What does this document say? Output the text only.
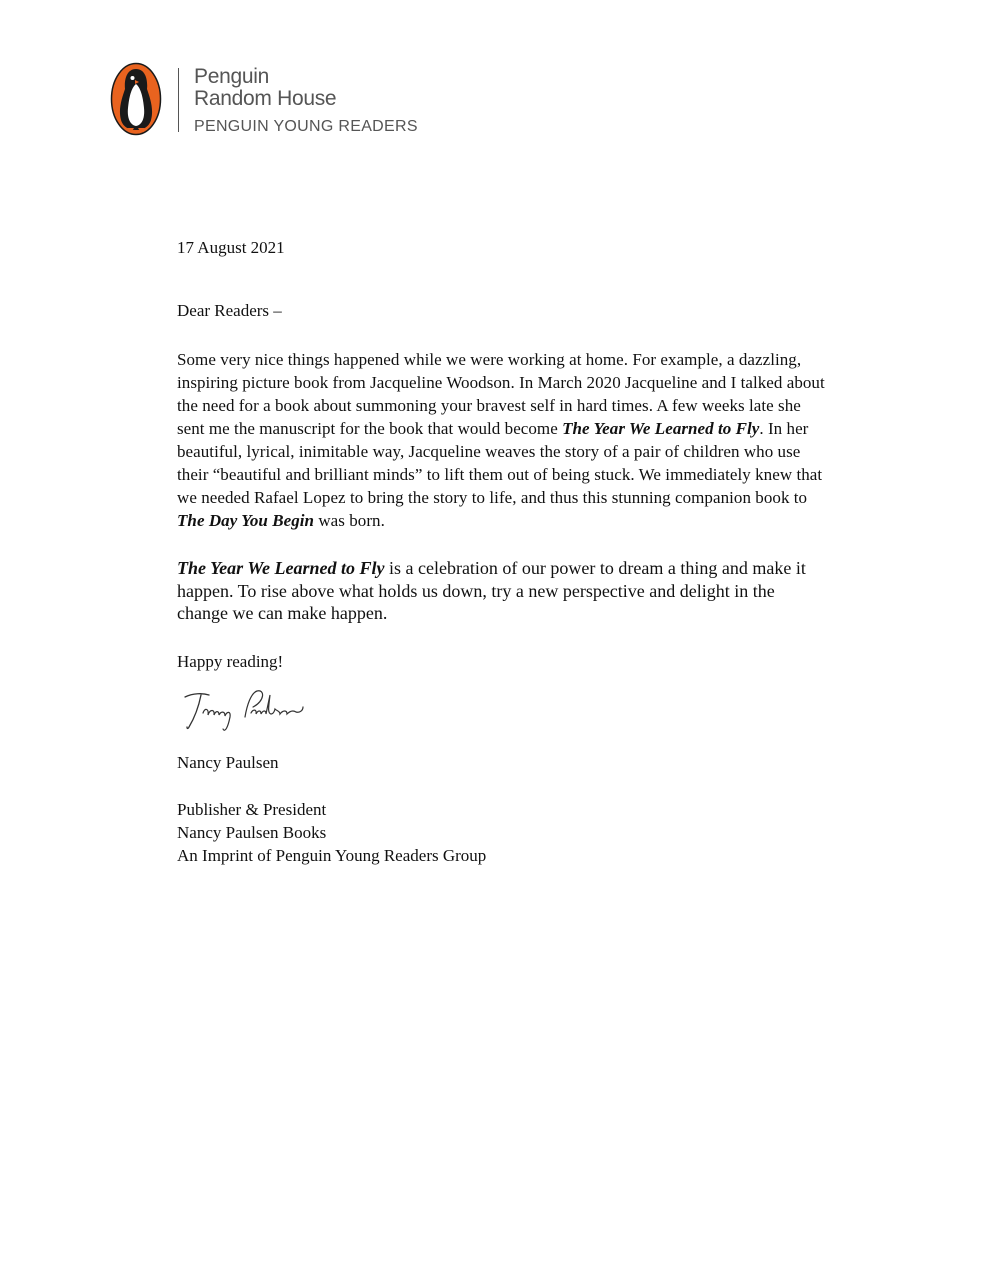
Penguin
Random House
PENGUIN YOUNG READERS

17 August 2021

Dear Readers –

Some very nice things happened while we were working at home. For example, a dazzling, inspiring picture book from Jacqueline Woodson. In March 2020 Jacqueline and I talked about the need for a book about summoning your bravest self in hard times. A few weeks late she sent me the manuscript for the book that would become The Year We Learned to Fly. In her beautiful, lyrical, inimitable way, Jacqueline weaves the story of a pair of children who use their “beautiful and brilliant minds” to lift them out of being stuck. We immediately knew that we needed Rafael Lopez to bring the story to life, and thus this stunning companion book to The Day You Begin was born.

The Year We Learned to Fly is a celebration of our power to dream a thing and make it happen. To rise above what holds us down, try a new perspective and delight in the change we can make happen.

Happy reading!

Nancy Paulsen

Publisher & President

Nancy Paulsen Books

An Imprint of Penguin Young Readers Group
